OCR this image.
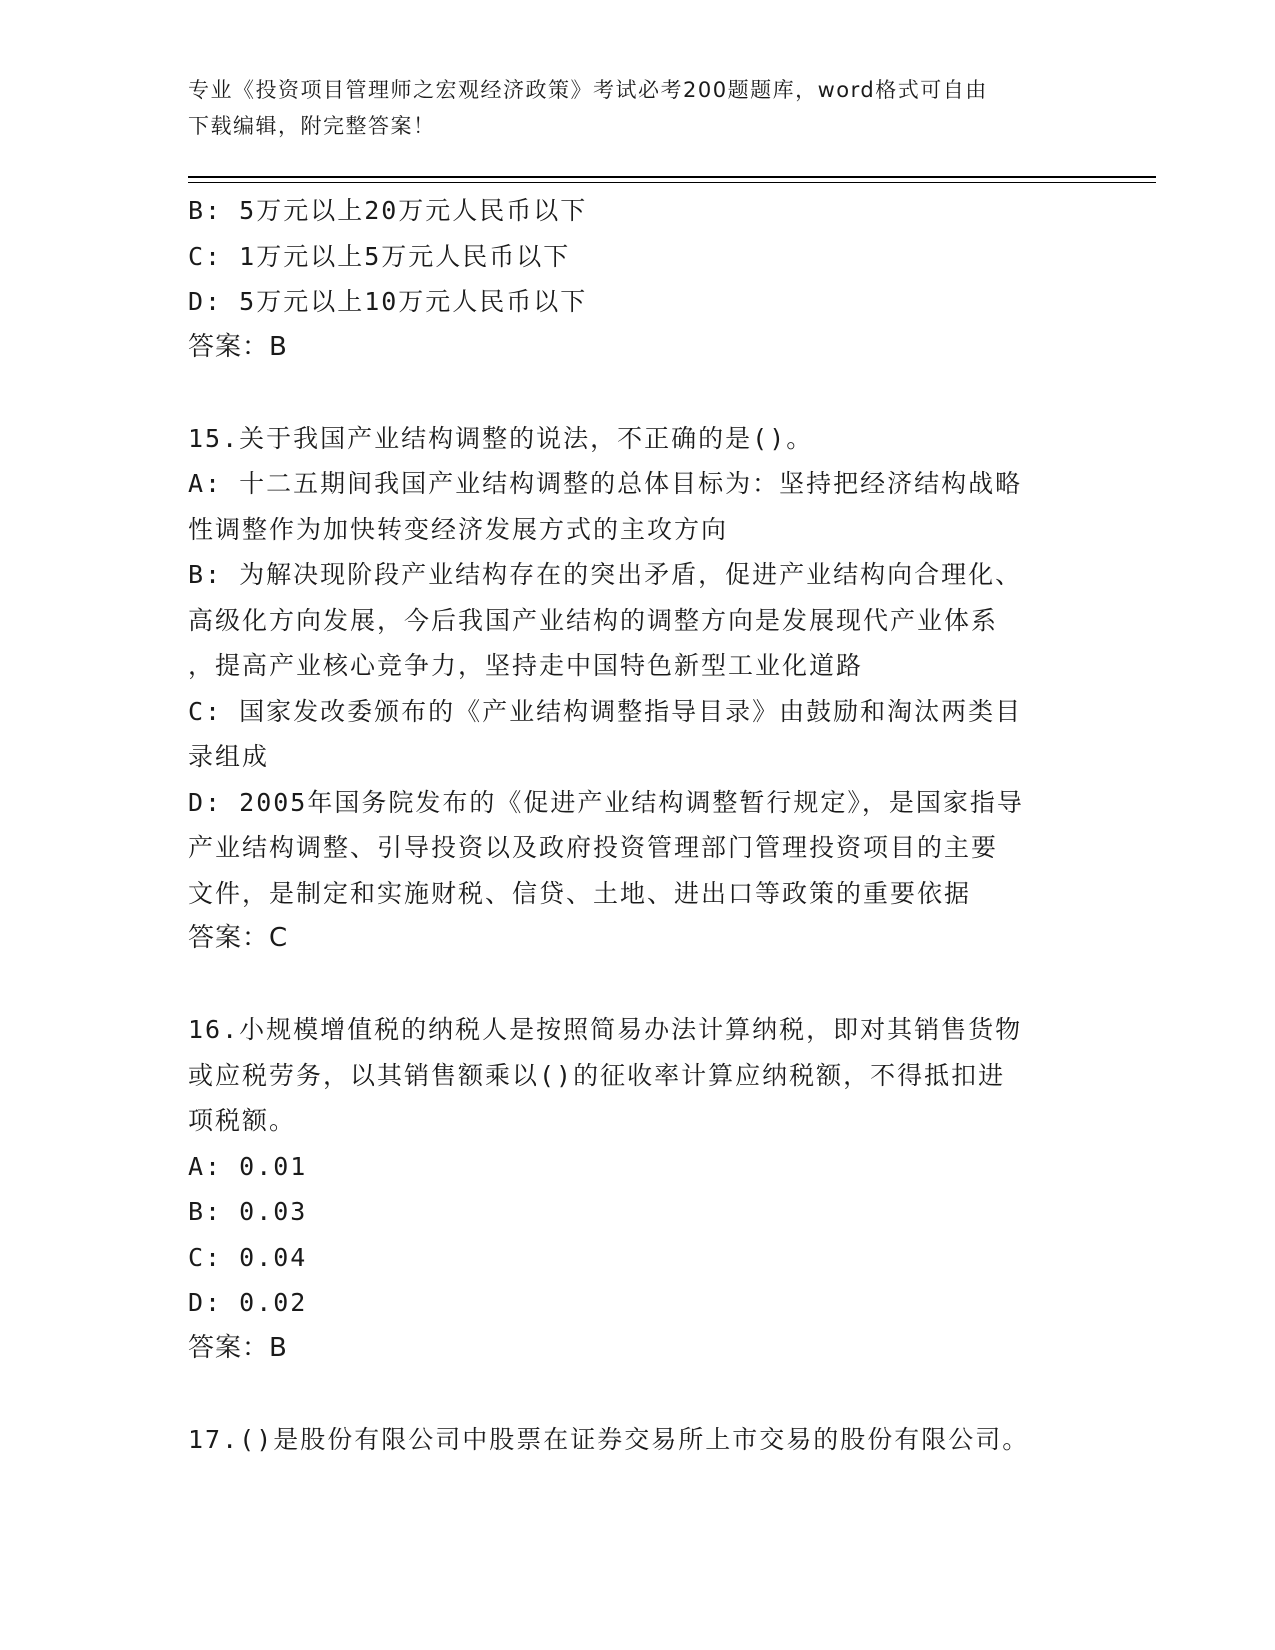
专业《投资项目管理师之宏观经济政策》考试必考200题题库，word格式可自由
下载编辑，附完整答案！
B: 5万元以上20万元人民币以下
C: 1万元以上5万元人民币以下
D: 5万元以上10万元人民币以下
答案：B
15.关于我国产业结构调整的说法，不正确的是()。
A: 十二五期间我国产业结构调整的总体目标为：坚持把经济结构战略
性调整作为加快转变经济发展方式的主攻方向
B: 为解决现阶段产业结构存在的突出矛盾，促进产业结构向合理化、
高级化方向发展，今后我国产业结构的调整方向是发展现代产业体系
，提高产业核心竞争力，坚持走中国特色新型工业化道路
C: 国家发改委颁布的《产业结构调整指导目录》由鼓励和淘汰两类目
录组成
D: 2005年国务院发布的《促进产业结构调整暂行规定》，是国家指导
产业结构调整、引导投资以及政府投资管理部门管理投资项目的主要
文件，是制定和实施财税、信贷、土地、进出口等政策的重要依据
答案：C
16.小规模增值税的纳税人是按照简易办法计算纳税，即对其销售货物
或应税劳务，以其销售额乘以()的征收率计算应纳税额，不得抵扣进
项税额。
A: 0.01
B: 0.03
C: 0.04
D: 0.02
答案：B
17.()是股份有限公司中股票在证券交易所上市交易的股份有限公司。
